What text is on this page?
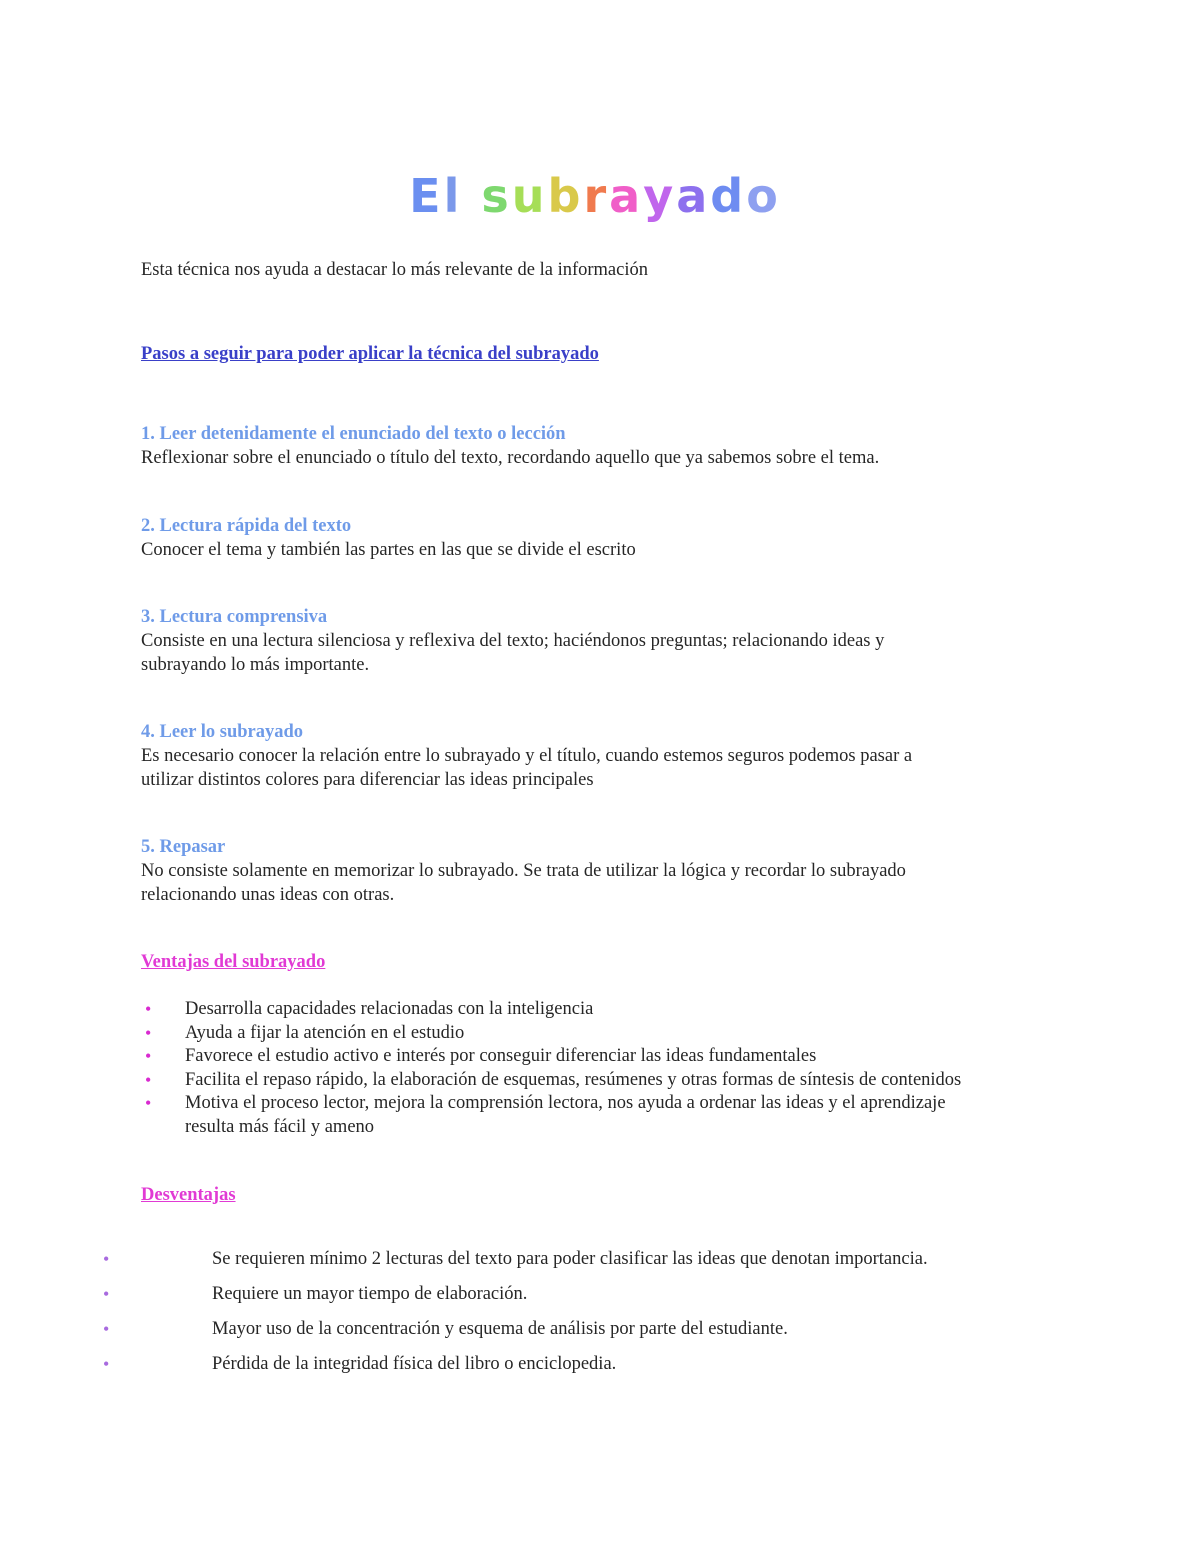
El subrayado
Esta técnica nos ayuda a destacar lo más relevante de la información
Pasos a seguir para poder aplicar la técnica del subrayado
1. Leer detenidamente el enunciado del texto o lección
Reflexionar sobre el enunciado o título del texto, recordando aquello que ya sabemos sobre el tema.
2. Lectura rápida del texto
Conocer el tema y también las partes en las que se divide el escrito
3. Lectura comprensiva
Consiste en una lectura silenciosa y reflexiva del texto; haciéndonos preguntas; relacionando ideas y
subrayando lo más importante.
4. Leer lo subrayado
Es necesario conocer la relación entre lo subrayado y el título, cuando estemos seguros podemos pasar a
utilizar distintos colores para diferenciar las ideas principales
5. Repasar
No consiste solamente en memorizar lo subrayado. Se trata de utilizar la lógica y recordar lo subrayado
relacionando unas ideas con otras.
Ventajas del subrayado
• Desarrolla capacidades relacionadas con la inteligencia
• Ayuda a fijar la atención en el estudio
• Favorece el estudio activo e interés por conseguir diferenciar las ideas fundamentales
• Facilita el repaso rápido, la elaboración de esquemas, resúmenes y otras formas de síntesis de contenidos
• Motiva el proceso lector, mejora la comprensión lectora, nos ayuda a ordenar las ideas y el aprendizaje
resulta más fácil y ameno
Desventajas
•	Se requieren mínimo 2 lecturas del texto para poder clasificar las ideas que denotan importancia.
•	Requiere un mayor tiempo de elaboración.
•	Mayor uso de la concentración y esquema de análisis por parte del estudiante.
•	Pérdida de la integridad física del libro o enciclopedia.
